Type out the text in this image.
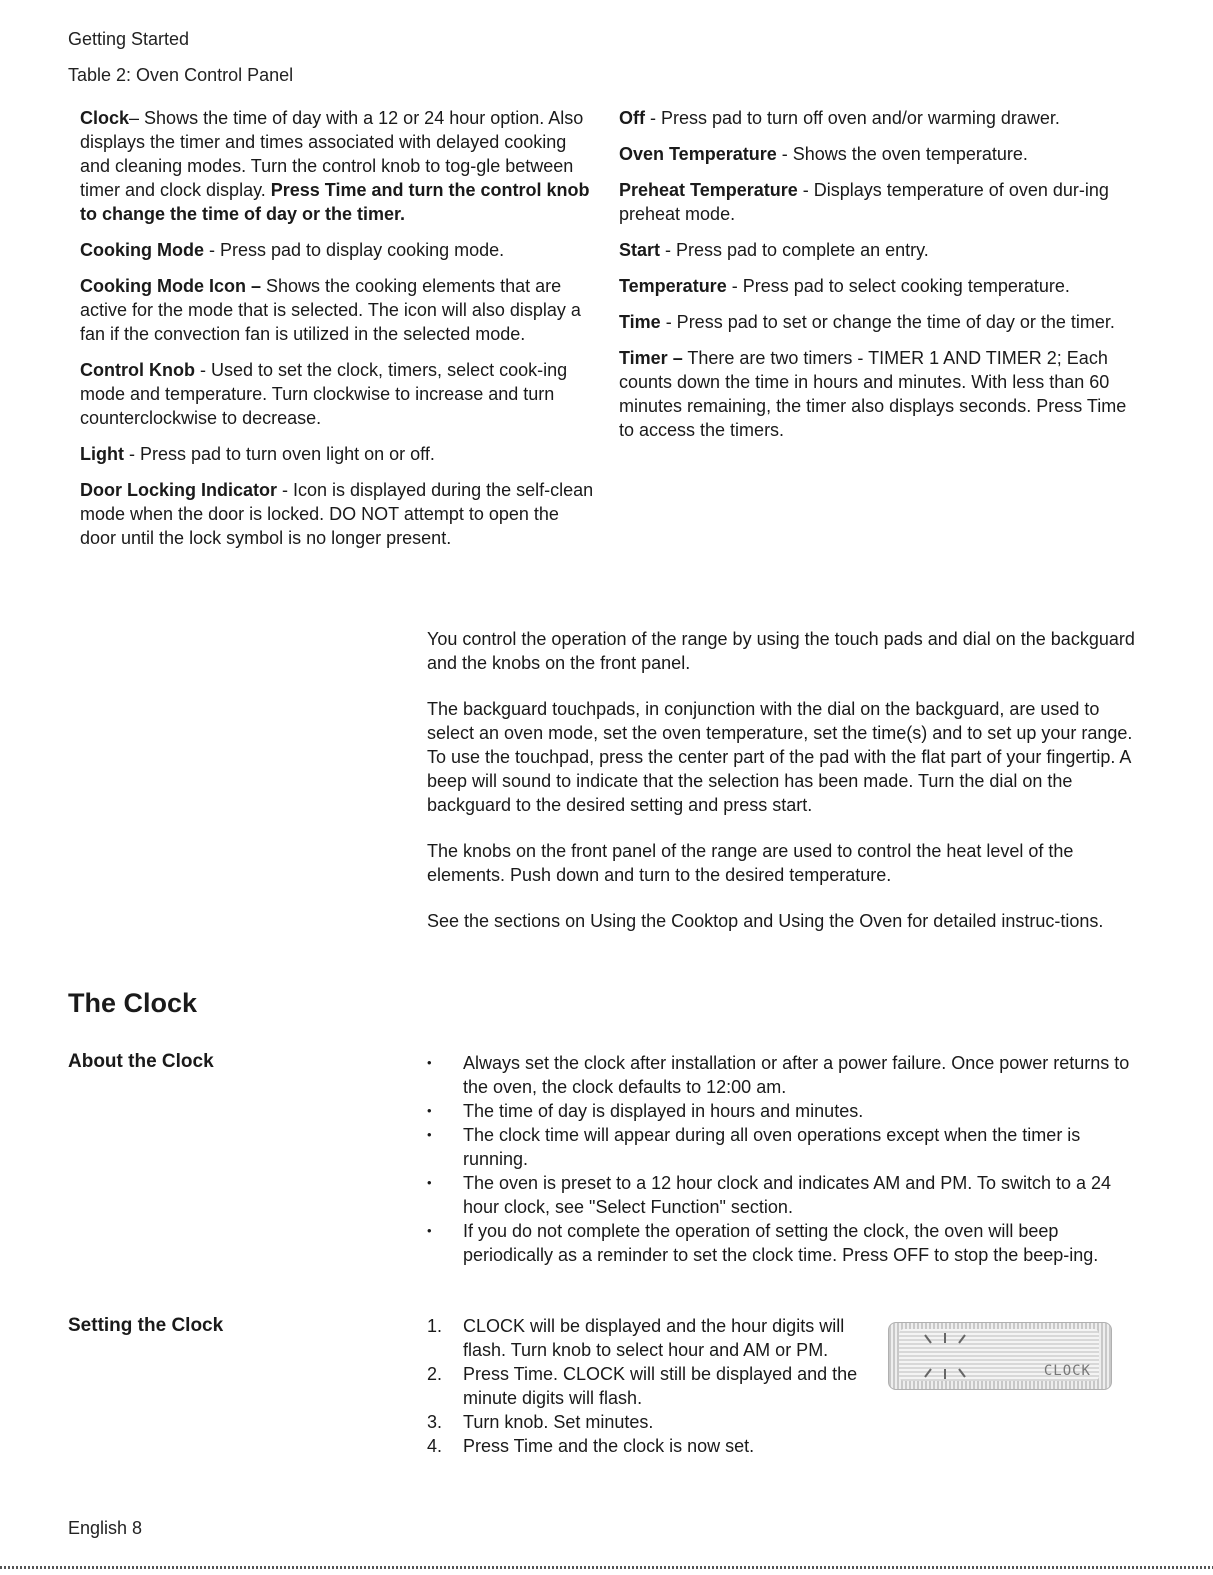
Getting Started
Table 2: Oven Control Panel

Clock– Shows the time of day with a 12 or 24 hour option. Also displays the timer and times associated with delayed cooking and cleaning modes. Turn the control knob to tog-gle between timer and clock display. Press Time and turn the control knob to change the time of day or the timer.

Cooking Mode - Press pad to display cooking mode.

Cooking Mode Icon – Shows the cooking elements that are active for the mode that is selected. The icon will also display a fan if the convection fan is utilized in the selected mode.

Control Knob - Used to set the clock, timers, select cook-ing mode and temperature. Turn clockwise to increase and turn counterclockwise to decrease.

Light - Press pad to turn oven light on or off.

Door Locking Indicator - Icon is displayed during the self-clean mode when the door is locked. DO NOT attempt to open the door until the lock symbol is no longer present.

Off - Press pad to turn off oven and/or warming drawer.

Oven Temperature - Shows the oven temperature.

Preheat Temperature - Displays temperature of oven dur-ing preheat mode.

Start - Press pad to complete an entry.

Temperature - Press pad to select cooking temperature.

Time - Press pad to set or change the time of day or the timer.

Timer – There are two timers - TIMER 1 AND TIMER 2; Each counts down the time in hours and minutes. With less than 60 minutes remaining, the timer also displays seconds. Press Time to access the timers.

You control the operation of the range by using the touch pads and dial on the backguard and the knobs on the front panel.

The backguard touchpads, in conjunction with the dial on the backguard, are used to select an oven mode, set the oven temperature, set the time(s) and to set up your range. To use the touchpad, press the center part of the pad with the flat part of your fingertip. A beep will sound to indicate that the selection has been made. Turn the dial on the backguard to the desired setting and press start.

The knobs on the front panel of the range are used to control the heat level of the elements. Push down and turn to the desired temperature.

See the sections on Using the Cooktop and Using the Oven for detailed instruc-tions.

The Clock
About the Clock
•	Always set the clock after installation or after a power failure. Once power returns to the oven, the clock defaults to 12:00 am.
• The time of day is displayed in hours and minutes.
• The clock time will appear during all oven operations except when the timer is running.
• The oven is preset to a 12 hour clock and indicates AM and PM. To switch to a 24 hour clock, see "Select Function" section.
• If you do not complete the operation of setting the clock, the oven will beep periodically as a reminder to set the clock time. Press OFF to stop the beep-ing.
Setting the Clock	1. CLOCK will be displayed and the hour digits will flash. Turn knob to select hour and AM or PM.
2. Press Time. CLOCK will still be displayed and the minute digits will flash.
3. Turn knob. Set minutes.
4. Press Time and the clock is now set.
CLOCK
English 8
